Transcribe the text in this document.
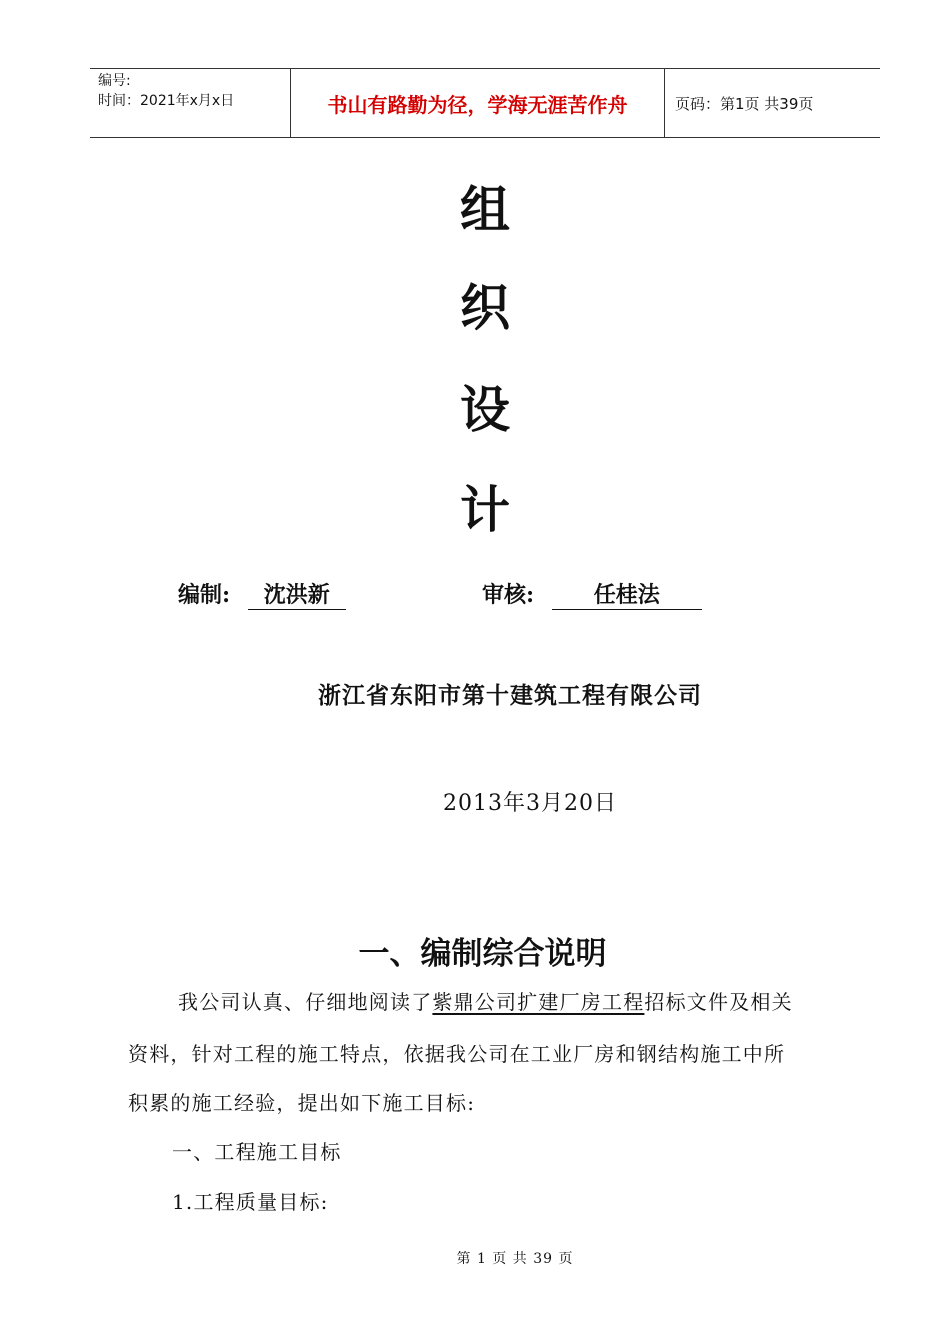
编号:
时间：2021年x月x日	书山有路勤为径，学海无涯苦作舟	页码：第1页 共39页
组
织
设
计
编制: 沈洪新	审核:	任桂法
浙江省东阳市第十建筑工程有限公司
2013年3月20日
一、编制综合说明
我公司认真、仔细地阅读了紫鼎公司扩建厂房工程招标文件及相关
资料，针对工程的施工特点，依据我公司在工业厂房和钢结构施工中所
积累的施工经验，提出如下施工目标:
一、工程施工目标
1.工程质量目标:
第 1 页 共 39 页
